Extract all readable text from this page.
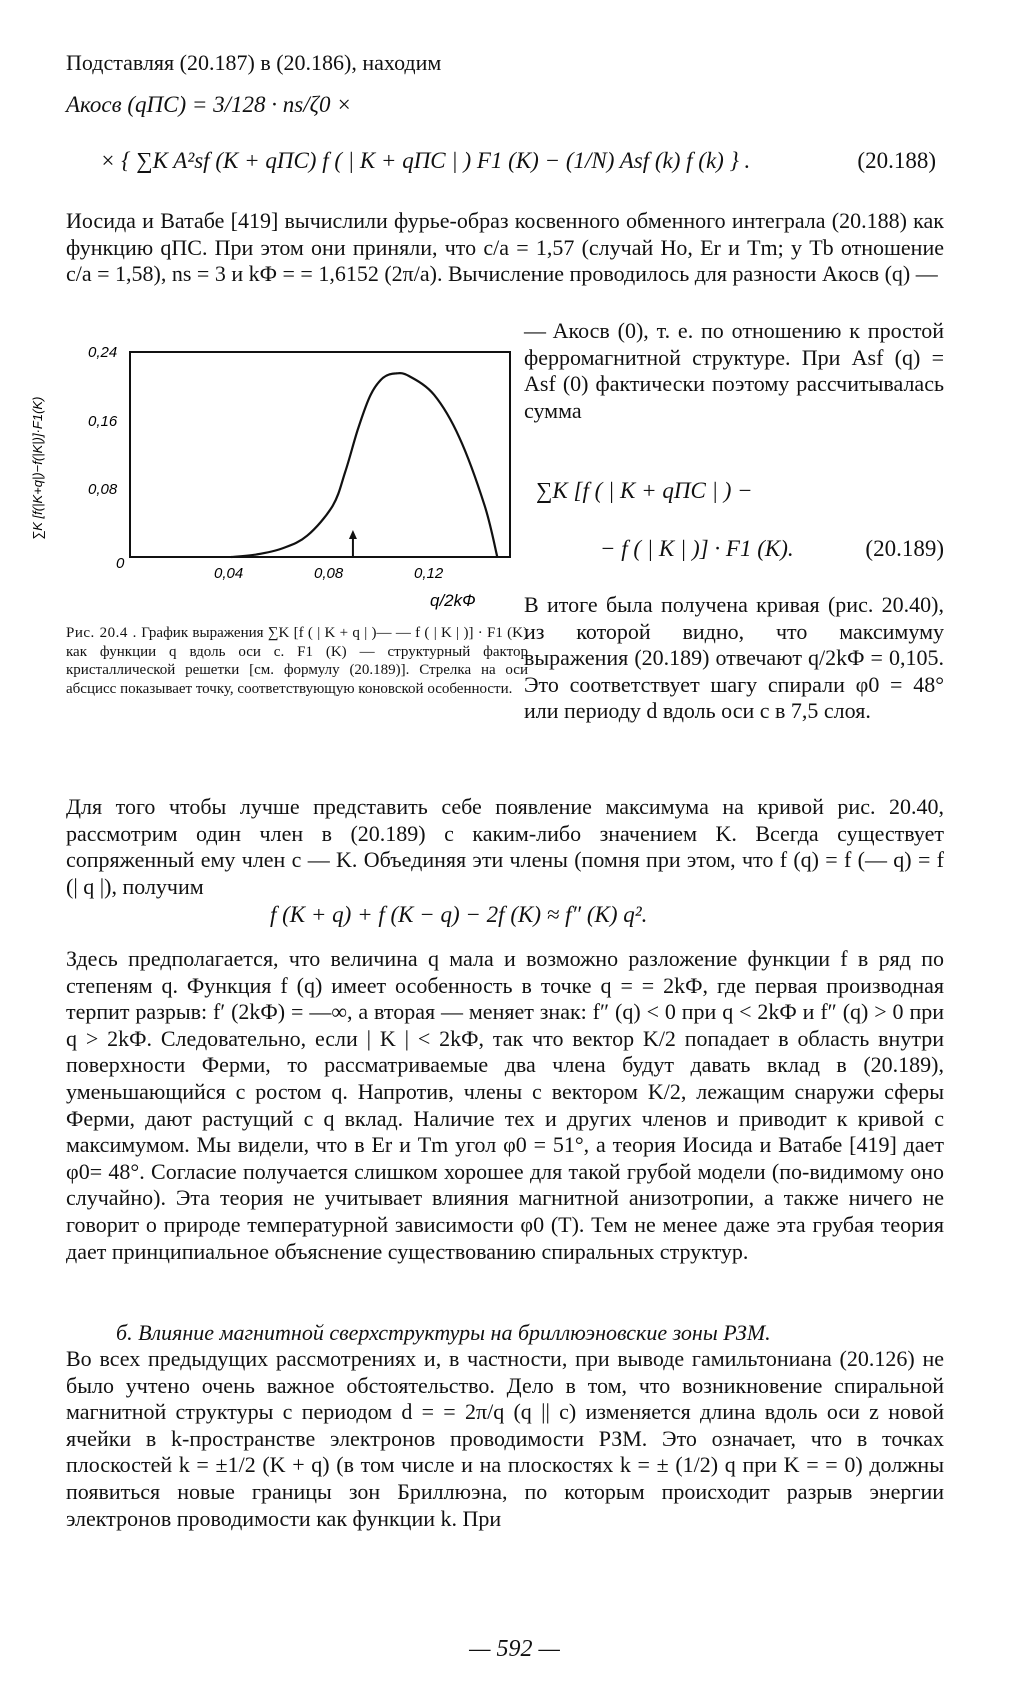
Подставляя (20.187) в (20.186), находим

Aкосв (qПС) = 3/128 · ns/ζ0 ×
× { ∑K A²sf (K + qПС) f ( | K + qПС | ) F1 (K) − (1/N) Asf (k) f (k) } .	(20.188)

Иосида и Ватабе [419] вычислили фурье-образ косвенного обменного интеграла (20.188) как функцию qПС. При этом они приняли, что c/a = 1,57 (случай Ho, Er и Tm; у Tb отношение c/a = 1,58), ns = 3 и kФ = = 1,6152 (2π/a). Вычисление проводилось для разности Aкосв (q) —

— Aкосв (0), т. е. по отношению к простой ферромагнитной структуре. При Asf (q) = Asf (0) фактически поэтому рассчитывалась сумма

∑K [f ( | K + qПС | ) −
− f ( | K | )] · F1 (K).	(20.189)

В итоге была получена кривая (рис. 20.40), из которой видно, что максимуму выражения (20.189) отвечают q/2kФ = 0,105. Это соответствует шагу спирали φ0 = 48° или периоду d вдоль оси c в 7,5 слоя.

∑K [f(|K+q|)−f(|K|)]·F1(K)
0,24
0,16
0,08
0
0,04	0,08	0,12
q/2kФ
Рис. 20.4 . График выражения ∑K [f ( | K + q | )— — f ( | K | )] · F1 (K) как функции q вдоль оси c. F1 (K) — структурный фактор кристаллической решетки [см. формулу (20.189)]. Стрелка на оси абсцисс показывает точку, соответствующую коновской особенности.

Для того чтобы лучше представить себе появление максимума на кривой рис. 20.40, рассмотрим один член в (20.189) с каким-либо значением K. Всегда существует сопряженный ему член с — K. Объединяя эти члены (помня при этом, что f (q) = f (— q) = f (| q |), получим

f (K + q) + f (K − q) − 2f (K) ≈ f″ (K) q².

Здесь предполагается, что величина q мала и возможно разложение функции f в ряд по степеням q. Функция f (q) имеет особенность в точке q = = 2kФ, где первая производная терпит разрыв: f′ (2kФ) = —∞, а вторая — меняет знак: f″ (q) < 0 при q < 2kФ и f″ (q) > 0 при q > 2kФ. Следовательно, если | K | < 2kФ, так что вектор K/2 попадает в область внутри поверхности Ферми, то рассматриваемые два члена будут давать вклад в (20.189), уменьшающийся с ростом q. Напротив, члены с вектором K/2, лежащим снаружи сферы Ферми, дают растущий с q вклад. Наличие тех и других членов и приводит к кривой с максимумом. Мы видели, что в Er и Tm угол φ0 = 51°, а теория Иосида и Ватабе [419] дает φ0= 48°. Согласие получается слишком хорошее для такой грубой модели (по-видимому оно случайно). Эта теория не учитывает влияния магнитной анизотропии, а также ничего не говорит о природе температурной зависимости φ0 (T). Тем не менее даже эта грубая теория дает принципиальное объяснение существованию спиральных структур.

б. Влияние магнитной сверхструктуры на бриллюэновские зоны РЗМ.

Во всех предыдущих рассмотрениях и, в частности, при выводе гамильтониана (20.126) не было учтено очень важное обстоятельство. Дело в том, что возникновение спиральной магнитной структуры с периодом d = = 2π/q (q || c) изменяется длина вдоль оси z новой ячейки в k-пространстве электронов проводимости РЗМ. Это означает, что в точках плоскостей k = ±1/2 (K + q) (в том числе и на плоскостях k = ± (1/2) q при K = = 0) должны появиться новые границы зон Бриллюэна, по которым происходит разрыв энергии электронов проводимости как функции k. При

— 592 —
